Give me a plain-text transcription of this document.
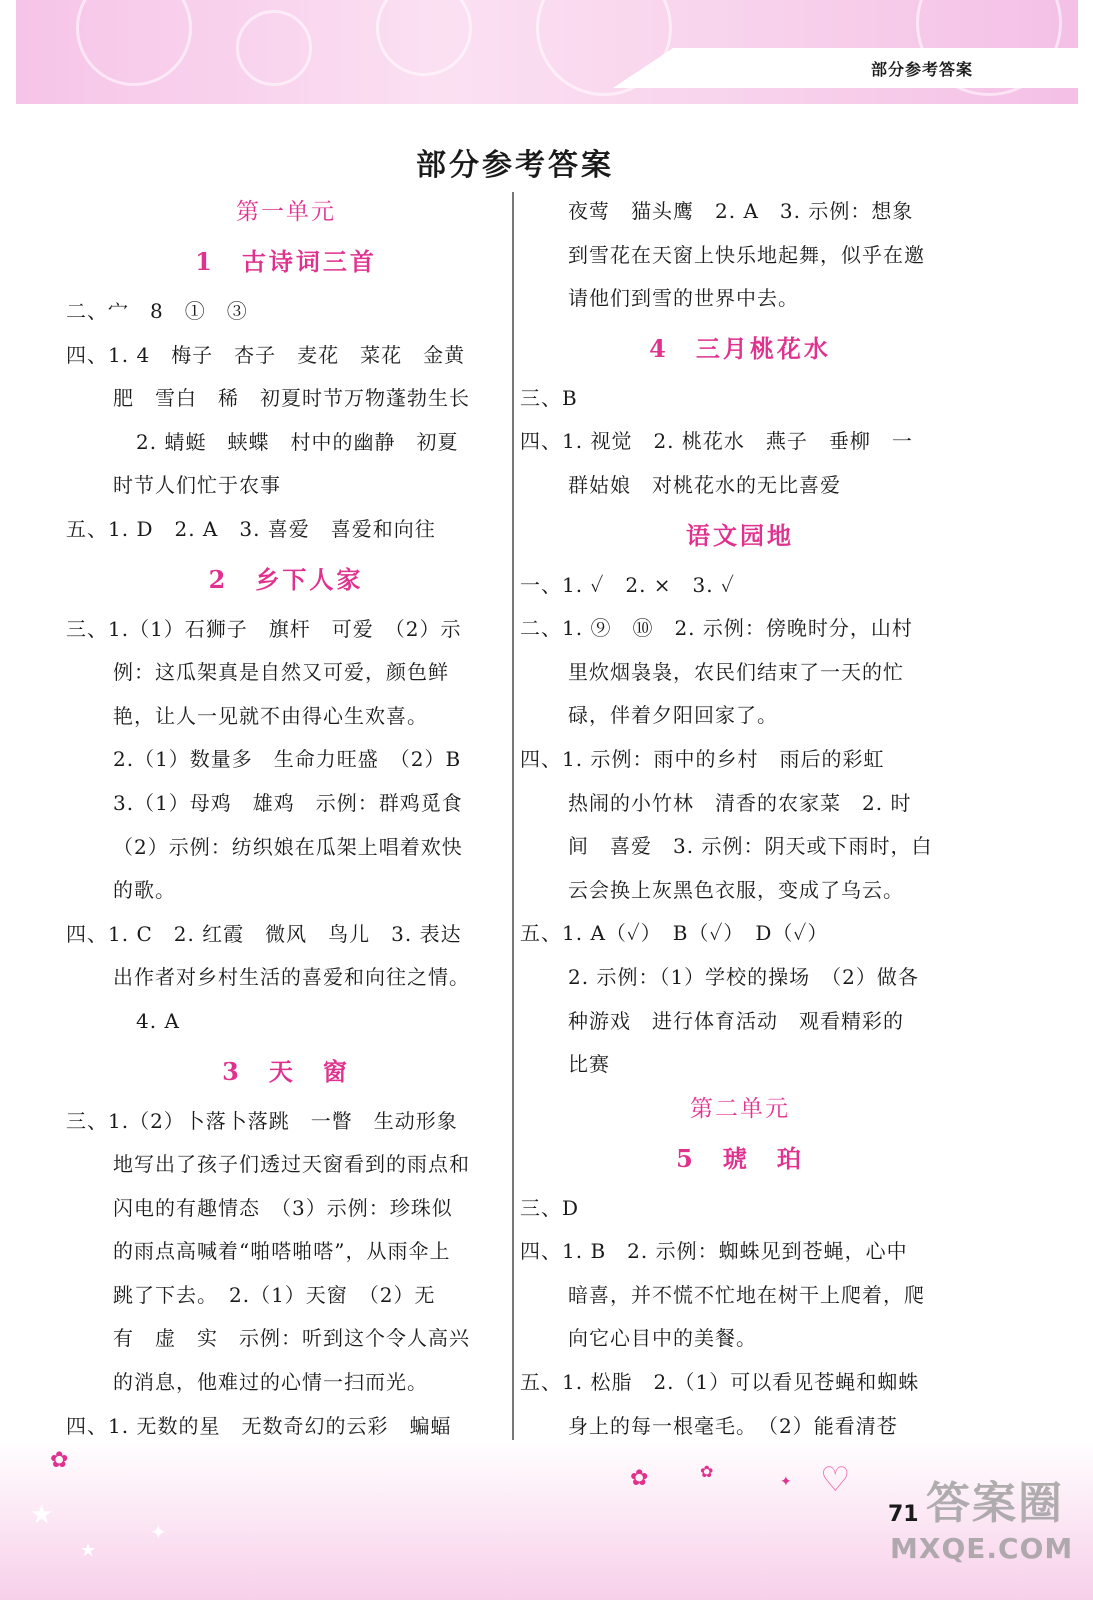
部分参考答案
部分参考答案
第一单元
1　古诗词三首
二、宀　8　①　③
四、1. 4　梅子　杏子　麦花　菜花　金黄
肥　雪白　稀　初夏时节万物蓬勃生长
2. 蜻蜓　蛱蝶　村中的幽静　初夏
时节人们忙于农事
五、1. D　2. A　3. 喜爱　喜爱和向往
2　乡下人家
三、1.（1）石狮子　旗杆　可爱　（2）示
例：这瓜架真是自然又可爱，颜色鲜
艳，让人一见就不由得心生欢喜。
2.（1）数量多　生命力旺盛　（2）B
3.（1）母鸡　雄鸡　示例：群鸡觅食
（2）示例：纺织娘在瓜架上唱着欢快
的歌。
四、1. C　2. 红霞　微风　鸟儿　3. 表达
出作者对乡村生活的喜爱和向往之情。
4. A
3　天　窗
三、1.（2）卜落卜落跳　一瞥　生动形象
地写出了孩子们透过天窗看到的雨点和
闪电的有趣情态　（3）示例：珍珠似
的雨点高喊着“啪嗒啪嗒”，从雨伞上
跳了下去。　2.（1）天窗　（2）无
有　虚　实　示例：听到这个令人高兴
的消息，他难过的心情一扫而光。
四、1. 无数的星　无数奇幻的云彩　蝙蝠
夜莺　猫头鹰　2. A　3. 示例：想象
到雪花在天窗上快乐地起舞，似乎在邀
请他们到雪的世界中去。
4　三月桃花水
三、B
四、1. 视觉　2. 桃花水　燕子　垂柳　一
群姑娘　对桃花水的无比喜爱
语文园地
一、1. ✓　2. ×　3. ✓
二、1. ⑨　⑩　2. 示例：傍晚时分，山村
里炊烟袅袅，农民们结束了一天的忙
碌，伴着夕阳回家了。
四、1. 示例：雨中的乡村　雨后的彩虹
热闹的小竹林　清香的农家菜　2. 时
间　喜爱　3. 示例：阴天或下雨时，白
云会换上灰黑色衣服，变成了乌云。
五、1. A（✓）　B（✓）　D（✓）
2. 示例：（1）学校的操场　（2）做各
种游戏　进行体育活动　观看精彩的
比赛
第二单元
5　琥　珀
三、D
四、1. B　2. 示例：蜘蛛见到苍蝇，心中
暗喜，并不慌不忙地在树干上爬着，爬
向它心目中的美餐。
五、1. 松脂　2.（1）可以看见苍蝇和蜘蛛
身上的每一根毫毛。　（2）能看清苍
★
★
✦
✿
✿	✿
✦ ♡
71 答案圈
MXQE.COM
